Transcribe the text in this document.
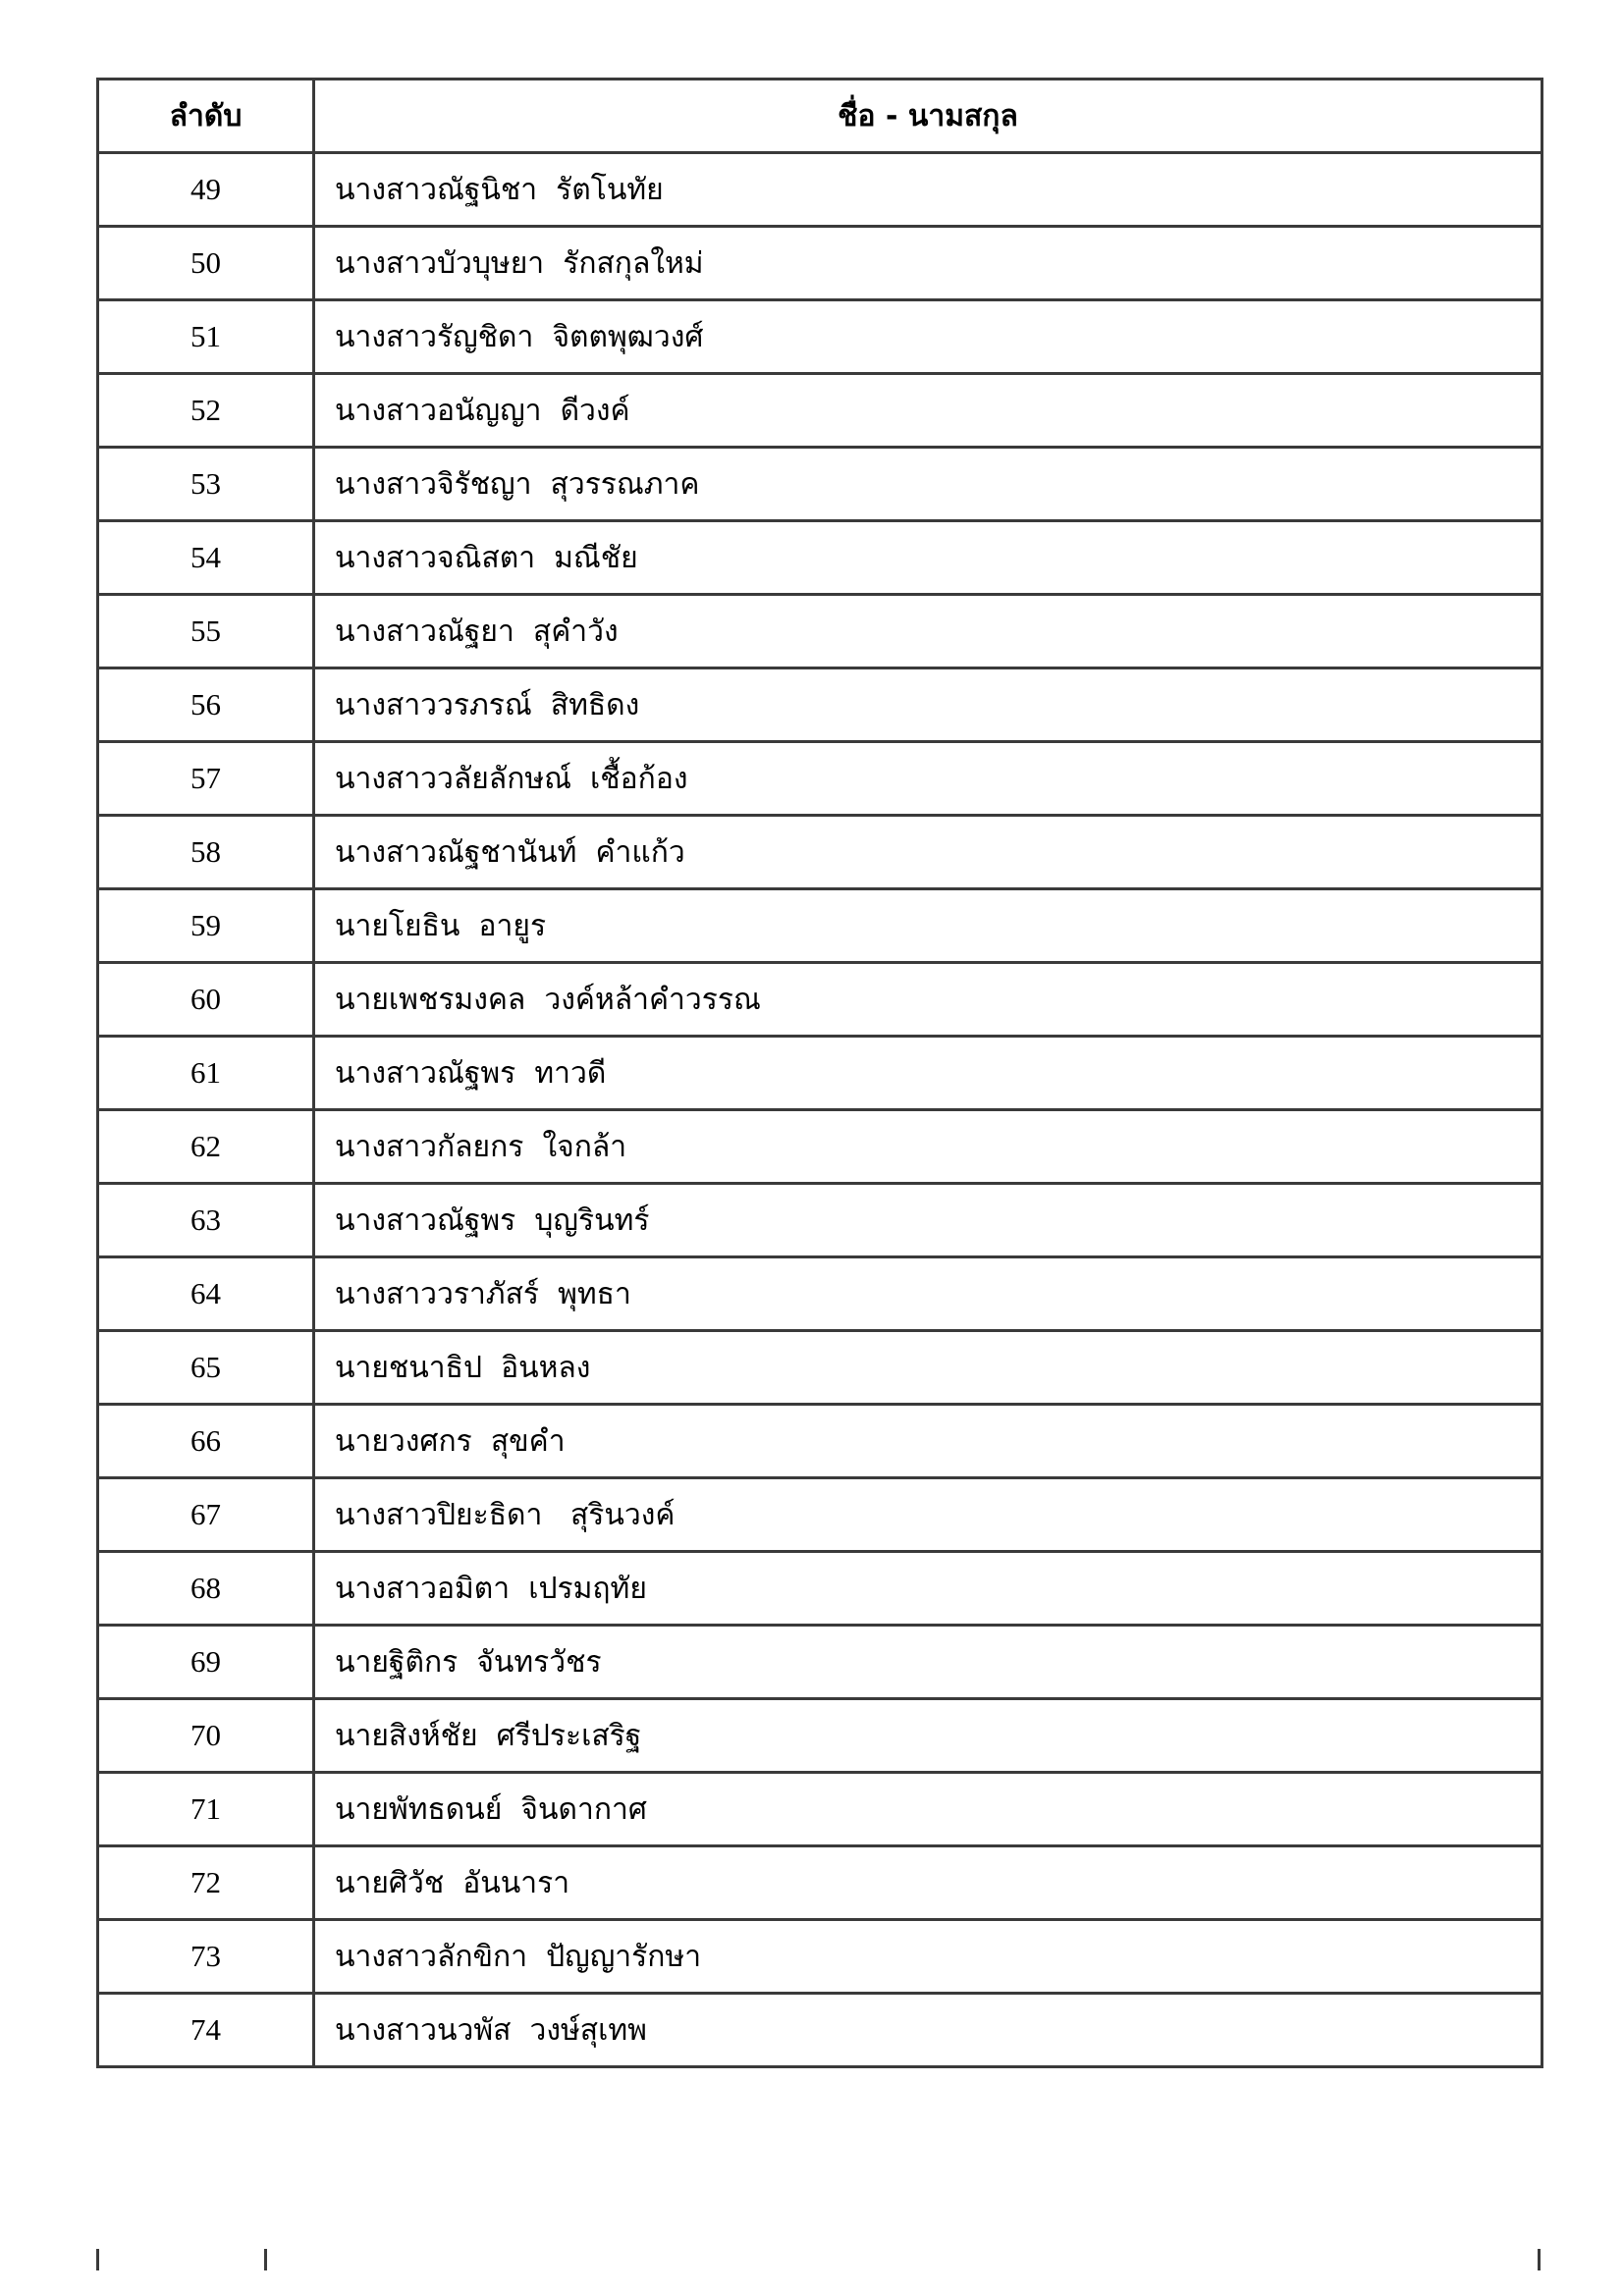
ลำดับ	ชื่อ - นามสกุล
49	นางสาวณัฐนิชา  รัตโนทัย
50	นางสาวบัวบุษยา  รักสกุลใหม่
51	นางสาวรัญชิดา  จิตตพุฒวงศ์
52	นางสาวอนัญญา  ดีวงค์
53	นางสาวจิรัชญา  สุวรรณภาค
54	นางสาวจณิสตา  มณีชัย
55	นางสาวณัฐยา  สุคำวัง
56	นางสาววรภรณ์  สิทธิดง
57	นางสาววลัยลักษณ์  เชื้อก้อง
58	นางสาวณัฐชานันท์  คำแก้ว
59	นายโยธิน  อายูร
60	นายเพชรมงคล  วงค์หล้าคำวรรณ
61	นางสาวณัฐพร  ทาวดี
62	นางสาวกัลยกร  ใจกล้า
63	นางสาวณัฐพร  บุญรินทร์
64	นางสาววราภัสร์  พุทธา
65	นายชนาธิป  อินหลง
66	นายวงศกร  สุขคำ
67	นางสาวปิยะธิดา   สุรินวงค์
68	นางสาวอมิตา  เปรมฤทัย
69	นายฐิติกร  จันทรวัชร
70	นายสิงห์ชัย  ศรีประเสริฐ
71	นายพัทธดนย์  จินดากาศ
72	นายศิวัช  อันนารา
73	นางสาวลักขิกา  ปัญญารักษา
74	นางสาวนวพัส  วงษ์สุเทพ
